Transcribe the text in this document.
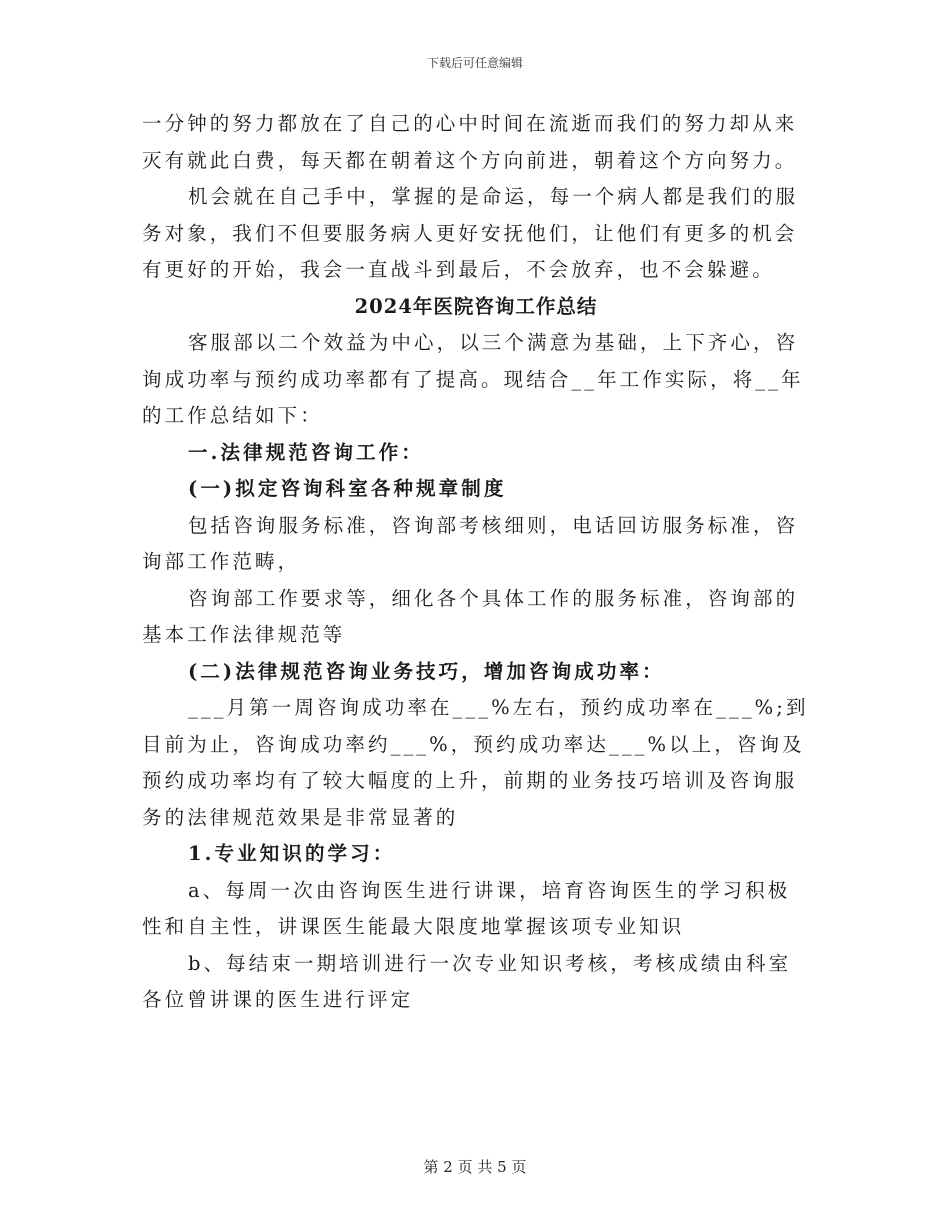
下载后可任意编辑

一分钟的努力都放在了自己的心中时间在流逝而我们的努力却从来灭有就此白费，每天都在朝着这个方向前进，朝着这个方向努力。

机会就在自己手中，掌握的是命运，每一个病人都是我们的服务对象，我们不但要服务病人更好安抚他们，让他们有更多的机会有更好的开始，我会一直战斗到最后，不会放弃，也不会躲避。

2024年医院咨询工作总结

客服部以二个效益为中心，以三个满意为基础，上下齐心，咨询成功率与预约成功率都有了提高。现结合__年工作实际，将__年的工作总结如下：

一.法律规范咨询工作：

(一)拟定咨询科室各种规章制度

包括咨询服务标准，咨询部考核细则，电话回访服务标准，咨询部工作范畴，

咨询部工作要求等，细化各个具体工作的服务标准，咨询部的基本工作法律规范等

(二)法律规范咨询业务技巧，增加咨询成功率：

___月第一周咨询成功率在___%左右，预约成功率在___%;到目前为止，咨询成功率约___%，预约成功率达___%以上，咨询及预约成功率均有了较大幅度的上升，前期的业务技巧培训及咨询服务的法律规范效果是非常显著的

1.专业知识的学习：

a、每周一次由咨询医生进行讲课，培育咨询医生的学习积极性和自主性，讲课医生能最大限度地掌握该项专业知识

b、每结束一期培训进行一次专业知识考核，考核成绩由科室各位曾讲课的医生进行评定

第 2 页 共 5 页
